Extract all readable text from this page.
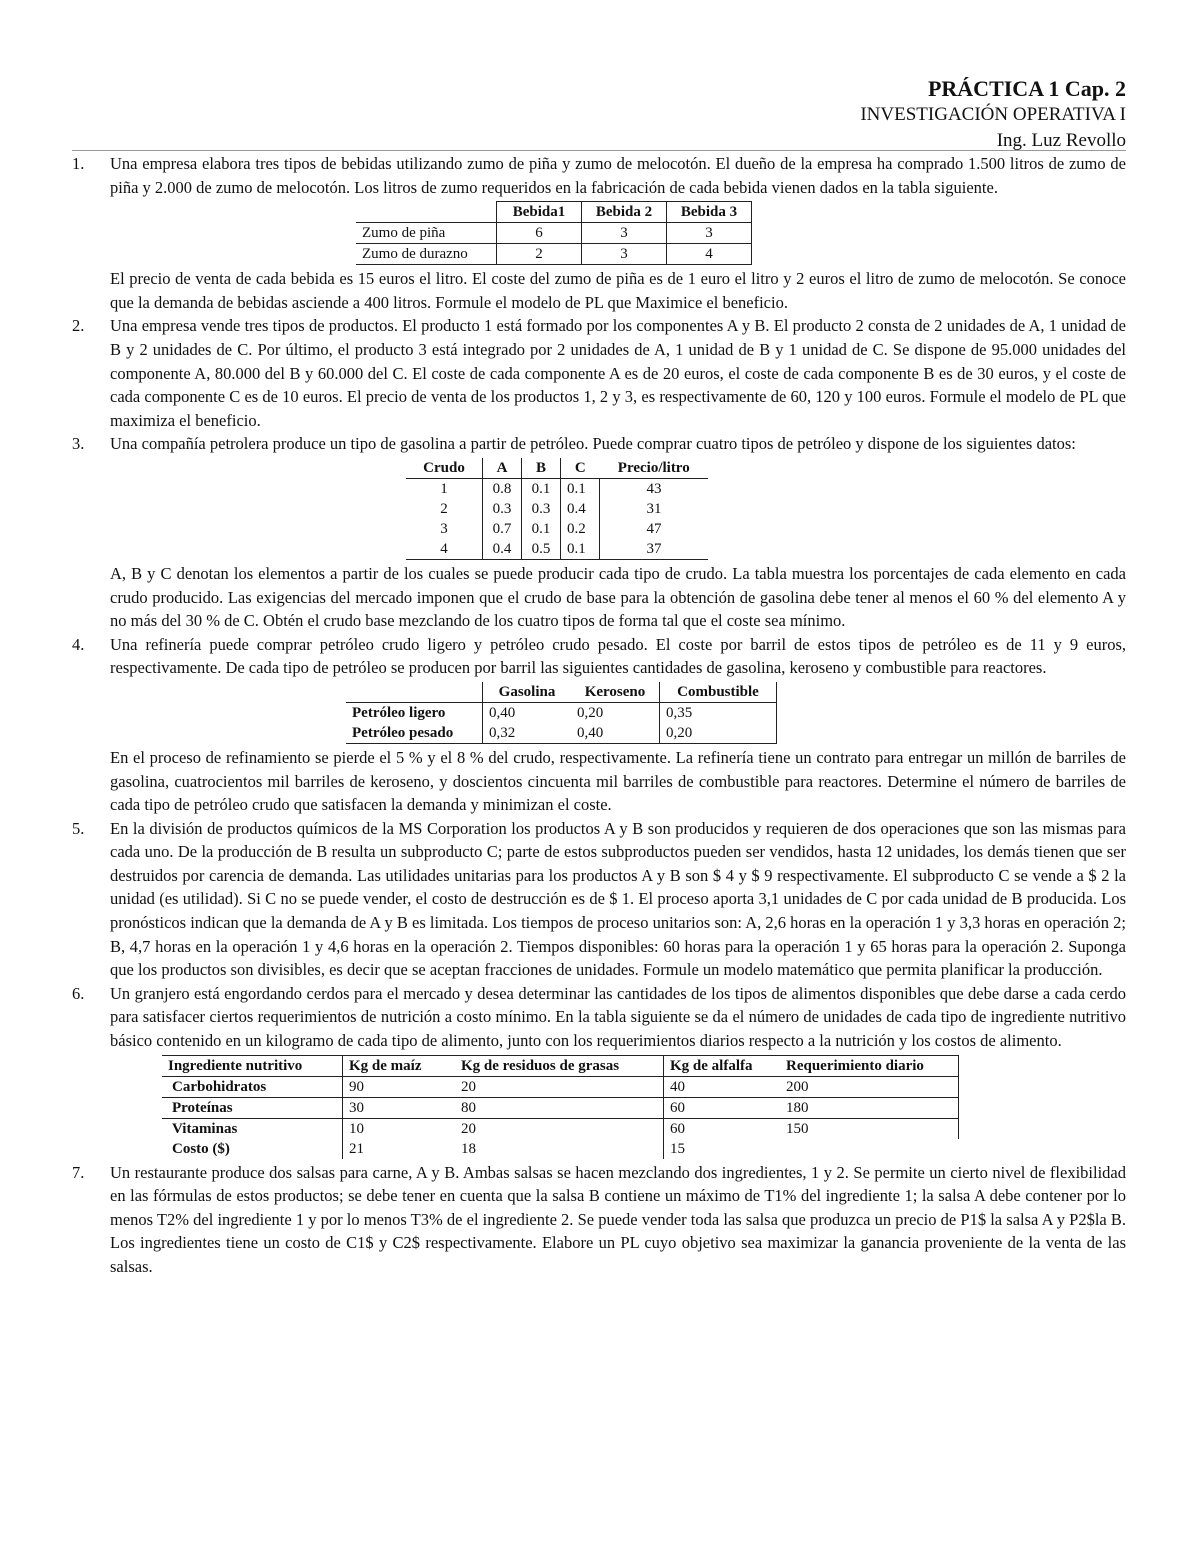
PRÁCTICA 1 Cap. 2
INVESTIGACIÓN OPERATIVA I
Ing. Luz Revollo
1.	Una empresa elabora tres tipos de bebidas utilizando zumo de piña y zumo de melocotón. El dueño de la empresa ha comprado 1.500 litros de zumo de piña y 2.000 de zumo de melocotón. Los litros de zumo requeridos en la fabricación de cada bebida vienen dados en la tabla siguiente.

	Bebida1	Bebida 2	Bebida 3
Zumo de piña	6	3	3
Zumo de durazno	2	3	4

El precio de venta de cada bebida es 15 euros el litro. El coste del zumo de piña es de 1 euro el litro y 2 euros el litro de zumo de melocotón. Se conoce que la demanda de bebidas asciende a 400 litros. Formule el modelo de PL que Maximice el beneficio.

2.	Una empresa vende tres tipos de productos. El producto 1 está formado por los componentes A y B. El producto 2 consta de 2 unidades de A, 1 unidad de B y 2 unidades de C. Por último, el producto 3 está integrado por 2 unidades de A, 1 unidad de B y 1 unidad de C. Se dispone de 95.000 unidades del componente A, 80.000 del B y 60.000 del C. El coste de cada componente A es de 20 euros, el coste de cada componente B es de 30 euros, y el coste de cada componente C es de 10 euros. El precio de venta de los productos 1, 2 y 3, es respectivamente de 60, 120 y 100 euros. Formule el modelo de PL que maximiza el beneficio.

3.	Una compañía petrolera produce un tipo de gasolina a partir de petróleo. Puede comprar cuatro tipos de petróleo y dispone de los siguientes datos:

Crudo	A	B	C	Precio/litro
1	0.8	0.1	0.1	43
2	0.3	0.3	0.4	31
3	0.7	0.1	0.2	47
4	0.4	0.5	0.1	37

A, B y C denotan los elementos a partir de los cuales se puede producir cada tipo de crudo. La tabla muestra los porcentajes de cada elemento en cada crudo producido. Las exigencias del mercado imponen que el crudo de base para la obtención de gasolina debe tener al menos el 60 % del elemento A y no más del 30 % de C. Obtén el crudo base mezclando de los cuatro tipos de forma tal que el coste sea mínimo.

4.	Una refinería puede comprar petróleo crudo ligero y petróleo crudo pesado. El coste por barril de estos tipos de petróleo es de 11 y 9 euros, respectivamente. De cada tipo de petróleo se producen por barril las siguientes cantidades de gasolina, keroseno y combustible para reactores.

	Gasolina	Keroseno	Combustible
Petróleo ligero	0,40	0,20	0,35
Petróleo pesado	0,32	0,40	0,20

En el proceso de refinamiento se pierde el 5 % y el 8 % del crudo, respectivamente. La refinería tiene un contrato para entregar un millón de barriles de gasolina, cuatrocientos mil barriles de keroseno, y doscientos cincuenta mil barriles de combustible para reactores. Determine el número de barriles de cada tipo de petróleo crudo que satisfacen la demanda y minimizan el coste.

5.	En la división de productos químicos de la MS Corporation los productos A y B son producidos y requieren de dos operaciones que son las mismas para cada uno. De la producción de B resulta un subproducto C; parte de estos subproductos pueden ser vendidos, hasta 12 unidades, los demás tienen que ser destruidos por carencia de demanda. Las utilidades unitarias para los productos A y B son $ 4 y $ 9 respectivamente. El subproducto C se vende a $ 2 la unidad (es utilidad). Si C no se puede vender, el costo de destrucción es de $ 1. El proceso aporta 3,1 unidades de C por cada unidad de B producida. Los pronósticos indican que la demanda de A y B es limitada. Los tiempos de proceso unitarios son: A, 2,6 horas en la operación 1 y 3,3 horas en operación 2; B, 4,7 horas en la operación 1 y 4,6 horas en la operación 2. Tiempos disponibles: 60 horas para la operación 1 y 65 horas para la operación 2. Suponga que los productos son divisibles, es decir que se aceptan fracciones de unidades. Formule un modelo matemático que permita planificar la producción.

6.	Un granjero está engordando cerdos para el mercado y desea determinar las cantidades de los tipos de alimentos disponibles que debe darse a cada cerdo para satisfacer ciertos requerimientos de nutrición a costo mínimo. En la tabla siguiente se da el número de unidades de cada tipo de ingrediente nutritivo básico contenido en un kilogramo de cada tipo de alimento, junto con los requerimientos diarios respecto a la nutrición y los costos de alimento.

Ingrediente nutritivo	Kg de maíz	Kg de residuos de grasas	Kg de alfalfa	Requerimiento diario
Carbohidratos	90	20	40	200
Proteínas	30	80	60	180
Vitaminas	10	20	60	150
Costo ($)	21	18	15	
7.	Un restaurante produce dos salsas para carne, A y B. Ambas salsas se hacen mezclando dos ingredientes, 1 y 2. Se permite un cierto nivel de flexibilidad en las fórmulas de estos productos; se debe tener en cuenta que la salsa B contiene un máximo de T1% del ingrediente 1; la salsa A debe contener por lo menos T2% del ingrediente 1 y por lo menos T3% de el ingrediente 2. Se puede vender toda las salsa que produzca un precio de P1$ la salsa A y P2$la B. Los ingredientes tiene un costo de C1$ y C2$ respectivamente. Elabore un PL cuyo objetivo sea maximizar la ganancia proveniente de la venta de las salsas.
